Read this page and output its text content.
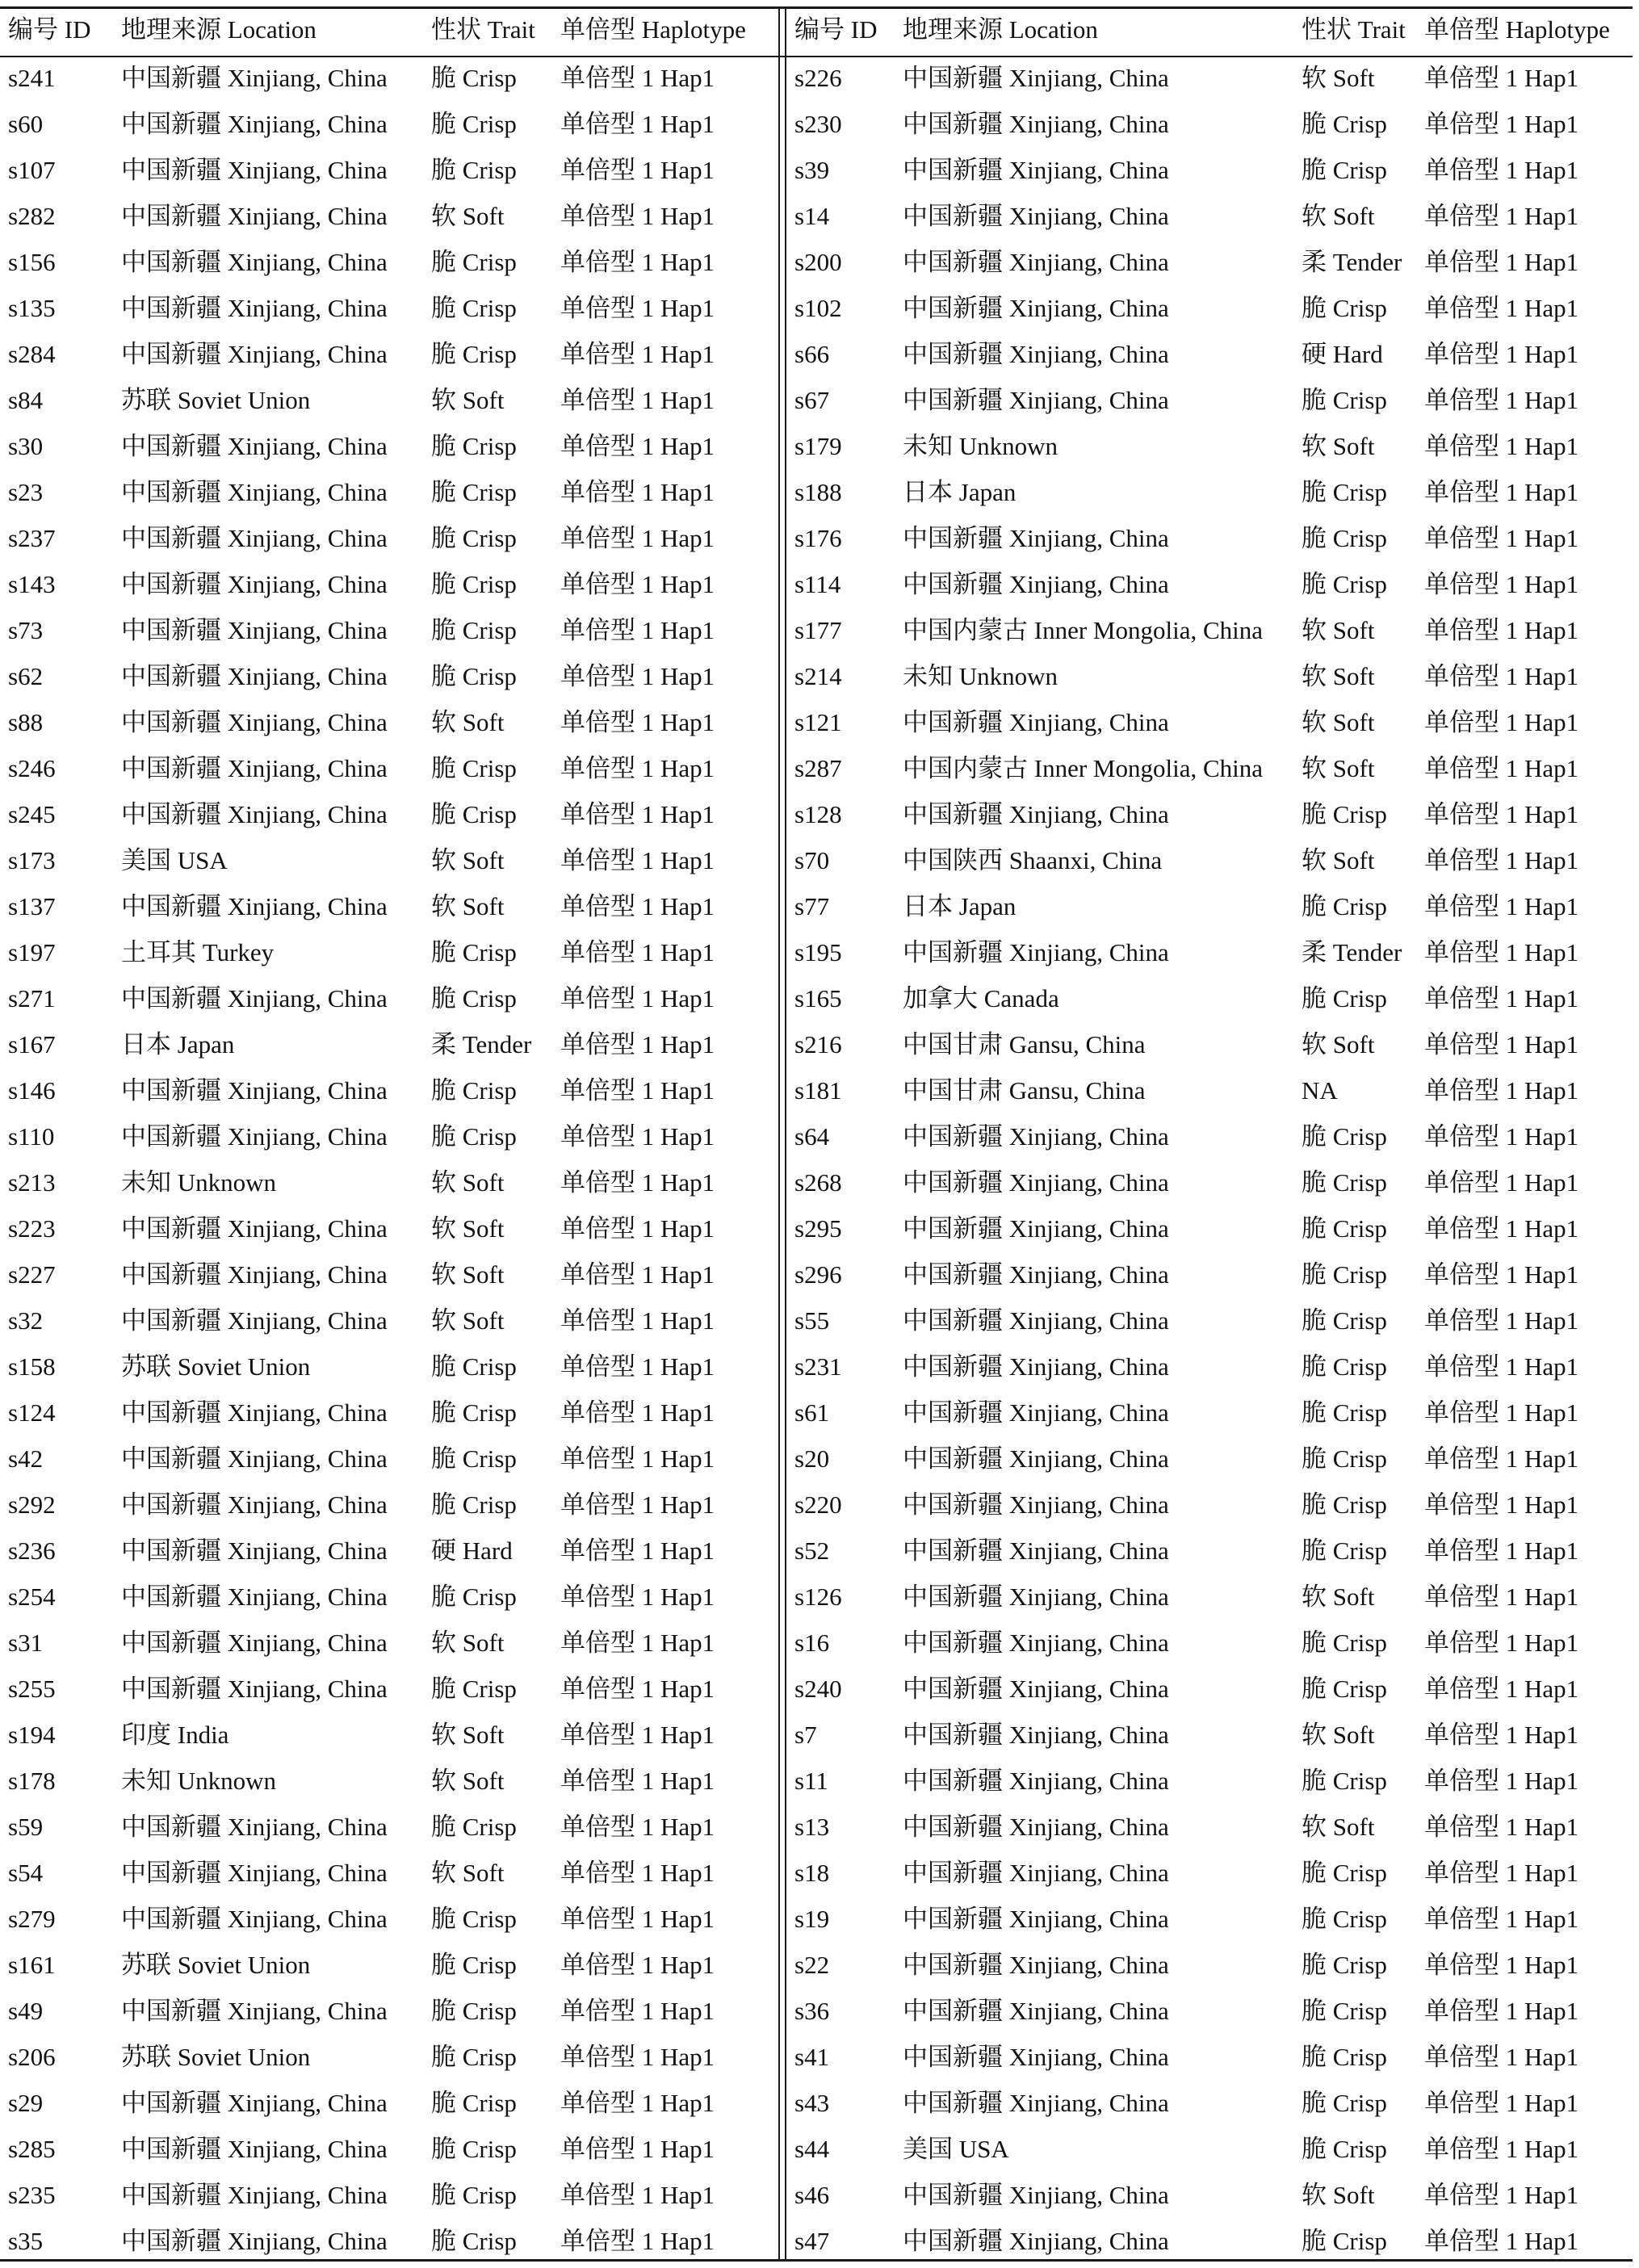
编号 ID 地理来源 Location	性状 Trait 单倍型 Haplotype
s241	中国新疆 Xinjiang, China 脆 Crisp 单倍型 1 Hap1
s60	中国新疆 Xinjiang, China 脆 Crisp 单倍型 1 Hap1
s107	中国新疆 Xinjiang, China 脆 Crisp 单倍型 1 Hap1
s282	中国新疆 Xinjiang, China 软 Soft 单倍型 1 Hap1
s156	中国新疆 Xinjiang, China 脆 Crisp 单倍型 1 Hap1
s135	中国新疆 Xinjiang, China 脆 Crisp 单倍型 1 Hap1
s284	中国新疆 Xinjiang, China 脆 Crisp 单倍型 1 Hap1
s84	苏联 Soviet Union	软 Soft 单倍型 1 Hap1
s30	中国新疆 Xinjiang, China 脆 Crisp 单倍型 1 Hap1
s23	中国新疆 Xinjiang, China 脆 Crisp 单倍型 1 Hap1
s237	中国新疆 Xinjiang, China 脆 Crisp 单倍型 1 Hap1
s143	中国新疆 Xinjiang, China 脆 Crisp 单倍型 1 Hap1
s73	中国新疆 Xinjiang, China 脆 Crisp 单倍型 1 Hap1
s62	中国新疆 Xinjiang, China 脆 Crisp 单倍型 1 Hap1
s88	中国新疆 Xinjiang, China 软 Soft 单倍型 1 Hap1
s246	中国新疆 Xinjiang, China 脆 Crisp 单倍型 1 Hap1
s245	中国新疆 Xinjiang, China 脆 Crisp 单倍型 1 Hap1
s173	美国 USA	软 Soft 单倍型 1 Hap1
s137	中国新疆 Xinjiang, China 软 Soft 单倍型 1 Hap1
s197	土耳其 Turkey	脆 Crisp 单倍型 1 Hap1
s271	中国新疆 Xinjiang, China 脆 Crisp 单倍型 1 Hap1
s167	日本 Japan	柔 Tender 单倍型 1 Hap1
s146	中国新疆 Xinjiang, China 脆 Crisp 单倍型 1 Hap1
s110	中国新疆 Xinjiang, China 脆 Crisp 单倍型 1 Hap1
s213	未知 Unknown	软 Soft 单倍型 1 Hap1
s223	中国新疆 Xinjiang, China 软 Soft 单倍型 1 Hap1
s227	中国新疆 Xinjiang, China 软 Soft 单倍型 1 Hap1
s32	中国新疆 Xinjiang, China 软 Soft 单倍型 1 Hap1
s158	苏联 Soviet Union	脆 Crisp 单倍型 1 Hap1
s124	中国新疆 Xinjiang, China 脆 Crisp 单倍型 1 Hap1
s42	中国新疆 Xinjiang, China 脆 Crisp 单倍型 1 Hap1
s292	中国新疆 Xinjiang, China 脆 Crisp 单倍型 1 Hap1
s236	中国新疆 Xinjiang, China 硬 Hard 单倍型 1 Hap1
s254	中国新疆 Xinjiang, China 脆 Crisp 单倍型 1 Hap1
s31	中国新疆 Xinjiang, China 软 Soft 单倍型 1 Hap1
s255	中国新疆 Xinjiang, China 脆 Crisp 单倍型 1 Hap1
s194	印度 India	软 Soft 单倍型 1 Hap1
s178	未知 Unknown	软 Soft 单倍型 1 Hap1
s59	中国新疆 Xinjiang, China 脆 Crisp 单倍型 1 Hap1
s54	中国新疆 Xinjiang, China 软 Soft 单倍型 1 Hap1
s279	中国新疆 Xinjiang, China 脆 Crisp 单倍型 1 Hap1
s161	苏联 Soviet Union	脆 Crisp 单倍型 1 Hap1
s49	中国新疆 Xinjiang, China 脆 Crisp 单倍型 1 Hap1
s206	苏联 Soviet Union	脆 Crisp 单倍型 1 Hap1
s29	中国新疆 Xinjiang, China 脆 Crisp 单倍型 1 Hap1
s285	中国新疆 Xinjiang, China 脆 Crisp 单倍型 1 Hap1
s235	中国新疆 Xinjiang, China 脆 Crisp 单倍型 1 Hap1
s35	中国新疆 Xinjiang, China 脆 Crisp 单倍型 1 Hap1
编号 ID 地理来源 Location	性状 Trait 单倍型 Haplotype
s226 中国新疆 Xinjiang, China	软 Soft 单倍型 1 Hap1
s230 中国新疆 Xinjiang, China	脆 Crisp 单倍型 1 Hap1
s39	中国新疆 Xinjiang, China	脆 Crisp 单倍型 1 Hap1
s14	中国新疆 Xinjiang, China	软 Soft 单倍型 1 Hap1
s200 中国新疆 Xinjiang, China	柔 Tender 单倍型 1 Hap1
s102 中国新疆 Xinjiang, China	脆 Crisp 单倍型 1 Hap1
s66	中国新疆 Xinjiang, China	硬 Hard 单倍型 1 Hap1
s67	中国新疆 Xinjiang, China	脆 Crisp 单倍型 1 Hap1
s179 未知 Unknown	软 Soft 单倍型 1 Hap1
s188 日本 Japan	脆 Crisp 单倍型 1 Hap1
s176 中国新疆 Xinjiang, China	脆 Crisp 单倍型 1 Hap1
s114 中国新疆 Xinjiang, China	脆 Crisp 单倍型 1 Hap1
s177 中国内蒙古 Inner Mongolia, China 软 Soft 单倍型 1 Hap1
s214 未知 Unknown	软 Soft 单倍型 1 Hap1
s121 中国新疆 Xinjiang, China	软 Soft 单倍型 1 Hap1
s287 中国内蒙古 Inner Mongolia, China 软 Soft 单倍型 1 Hap1
s128 中国新疆 Xinjiang, China	脆 Crisp 单倍型 1 Hap1
s70	中国陕西 Shaanxi, China	软 Soft 单倍型 1 Hap1
s77	日本 Japan	脆 Crisp 单倍型 1 Hap1
s195 中国新疆 Xinjiang, China	柔 Tender 单倍型 1 Hap1
s165 加拿大 Canada	脆 Crisp 单倍型 1 Hap1
s216 中国甘肃 Gansu, China	软 Soft 单倍型 1 Hap1
s181 中国甘肃 Gansu, China	NA	单倍型 1 Hap1
s64	中国新疆 Xinjiang, China	脆 Crisp 单倍型 1 Hap1
s268 中国新疆 Xinjiang, China	脆 Crisp 单倍型 1 Hap1
s295 中国新疆 Xinjiang, China	脆 Crisp 单倍型 1 Hap1
s296 中国新疆 Xinjiang, China	脆 Crisp 单倍型 1 Hap1
s55	中国新疆 Xinjiang, China	脆 Crisp 单倍型 1 Hap1
s231 中国新疆 Xinjiang, China	脆 Crisp 单倍型 1 Hap1
s61	中国新疆 Xinjiang, China	脆 Crisp 单倍型 1 Hap1
s20	中国新疆 Xinjiang, China	脆 Crisp 单倍型 1 Hap1
s220 中国新疆 Xinjiang, China	脆 Crisp 单倍型 1 Hap1
s52	中国新疆 Xinjiang, China	脆 Crisp 单倍型 1 Hap1
s126 中国新疆 Xinjiang, China	软 Soft 单倍型 1 Hap1
s16	中国新疆 Xinjiang, China	脆 Crisp 单倍型 1 Hap1
s240 中国新疆 Xinjiang, China	脆 Crisp 单倍型 1 Hap1
s7	中国新疆 Xinjiang, China	软 Soft 单倍型 1 Hap1
s11	中国新疆 Xinjiang, China	脆 Crisp 单倍型 1 Hap1
s13	中国新疆 Xinjiang, China	软 Soft 单倍型 1 Hap1
s18	中国新疆 Xinjiang, China	脆 Crisp 单倍型 1 Hap1
s19	中国新疆 Xinjiang, China	脆 Crisp 单倍型 1 Hap1
s22	中国新疆 Xinjiang, China	脆 Crisp 单倍型 1 Hap1
s36	中国新疆 Xinjiang, China	脆 Crisp 单倍型 1 Hap1
s41	中国新疆 Xinjiang, China	脆 Crisp 单倍型 1 Hap1
s43	中国新疆 Xinjiang, China	脆 Crisp 单倍型 1 Hap1
s44	美国 USA	脆 Crisp 单倍型 1 Hap1
s46	中国新疆 Xinjiang, China	软 Soft 单倍型 1 Hap1
s47	中国新疆 Xinjiang, China	脆 Crisp 单倍型 1 Hap1
